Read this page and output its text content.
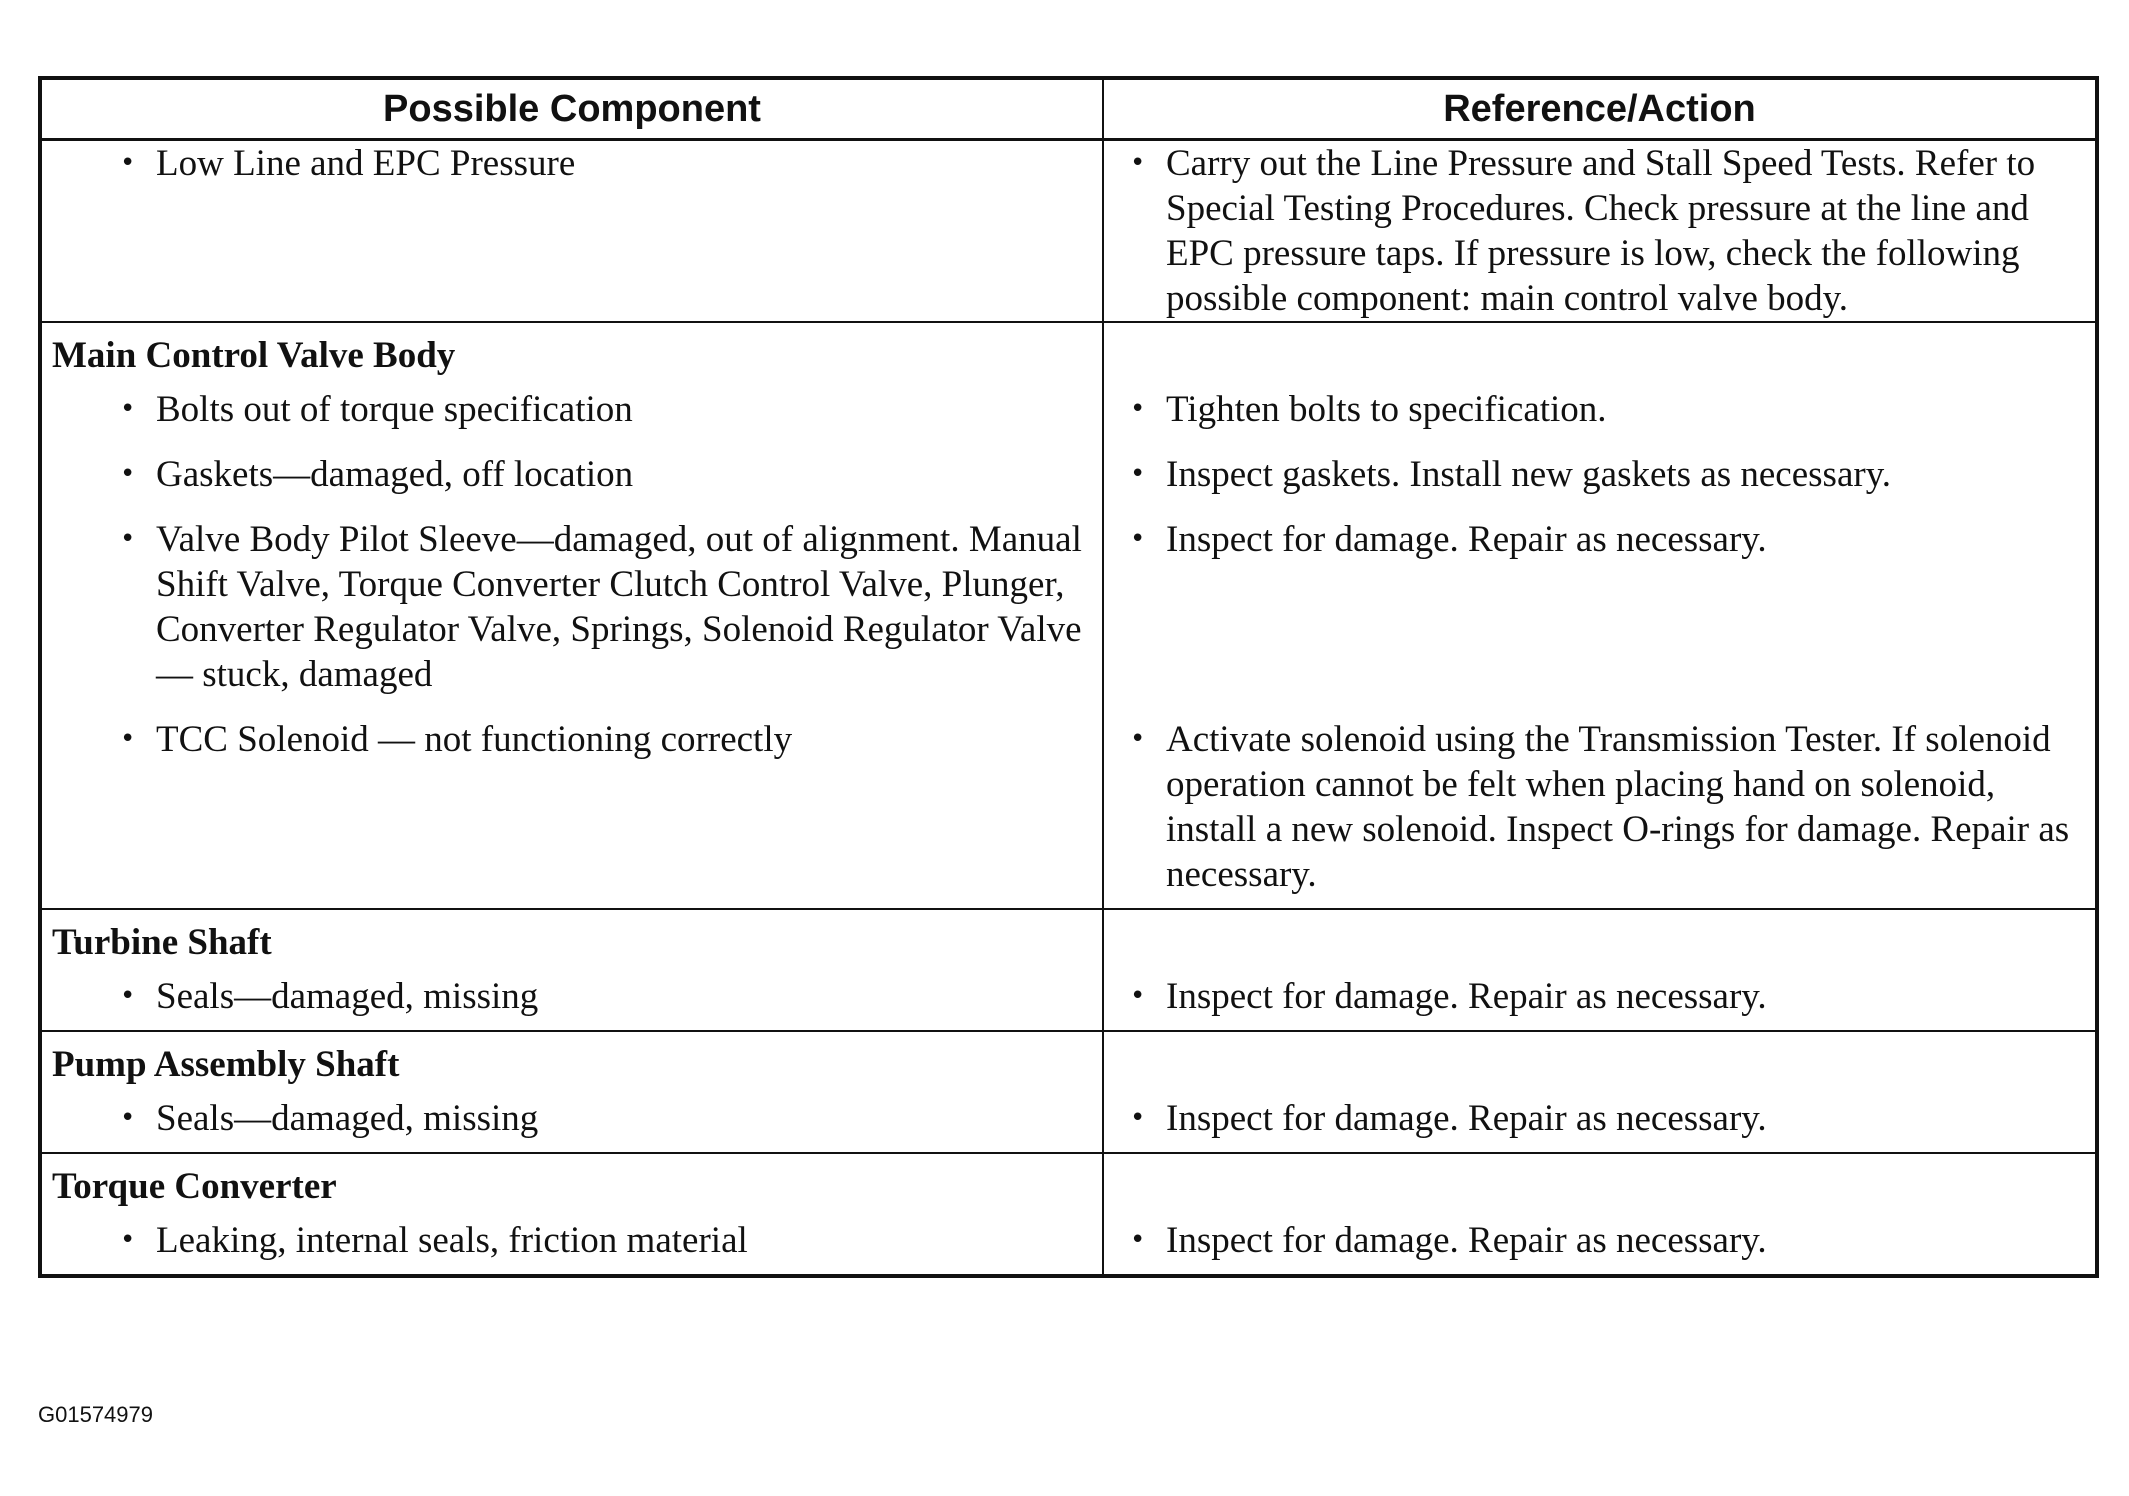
Possible Component	Reference/Action

• Low Line and EPC Pressure	• Carry out the Line Pressure and Stall Speed Tests. Refer to Special Testing Procedures. Check pressure at the line and EPC pressure taps. If pressure is low, check the following possible component: main control valve body.

Main Control Valve Body	

• Bolts out of torque specification	• Tighten bolts to specification.

• Gaskets—damaged, off location	• Inspect gaskets. Install new gaskets as necessary.

• Valve Body Pilot Sleeve—damaged, out of alignment. Manual Shift Valve, Torque Converter Clutch Control Valve, Plunger, Converter Regulator Valve, Springs, Solenoid Regulator Valve — stuck, damaged	• Inspect for damage. Repair as necessary.

• TCC Solenoid — not functioning correctly	• Activate solenoid using the Transmission Tester. If solenoid operation cannot be felt when placing hand on solenoid, install a new solenoid. Inspect O-rings for damage. Repair as necessary.

Turbine Shaft	

• Seals—damaged, missing	• Inspect for damage. Repair as necessary.

Pump Assembly Shaft	

• Seals—damaged, missing	• Inspect for damage. Repair as necessary.

Torque Converter	

• Leaking, internal seals, friction material	• Inspect for damage. Repair as necessary.
G01574979
